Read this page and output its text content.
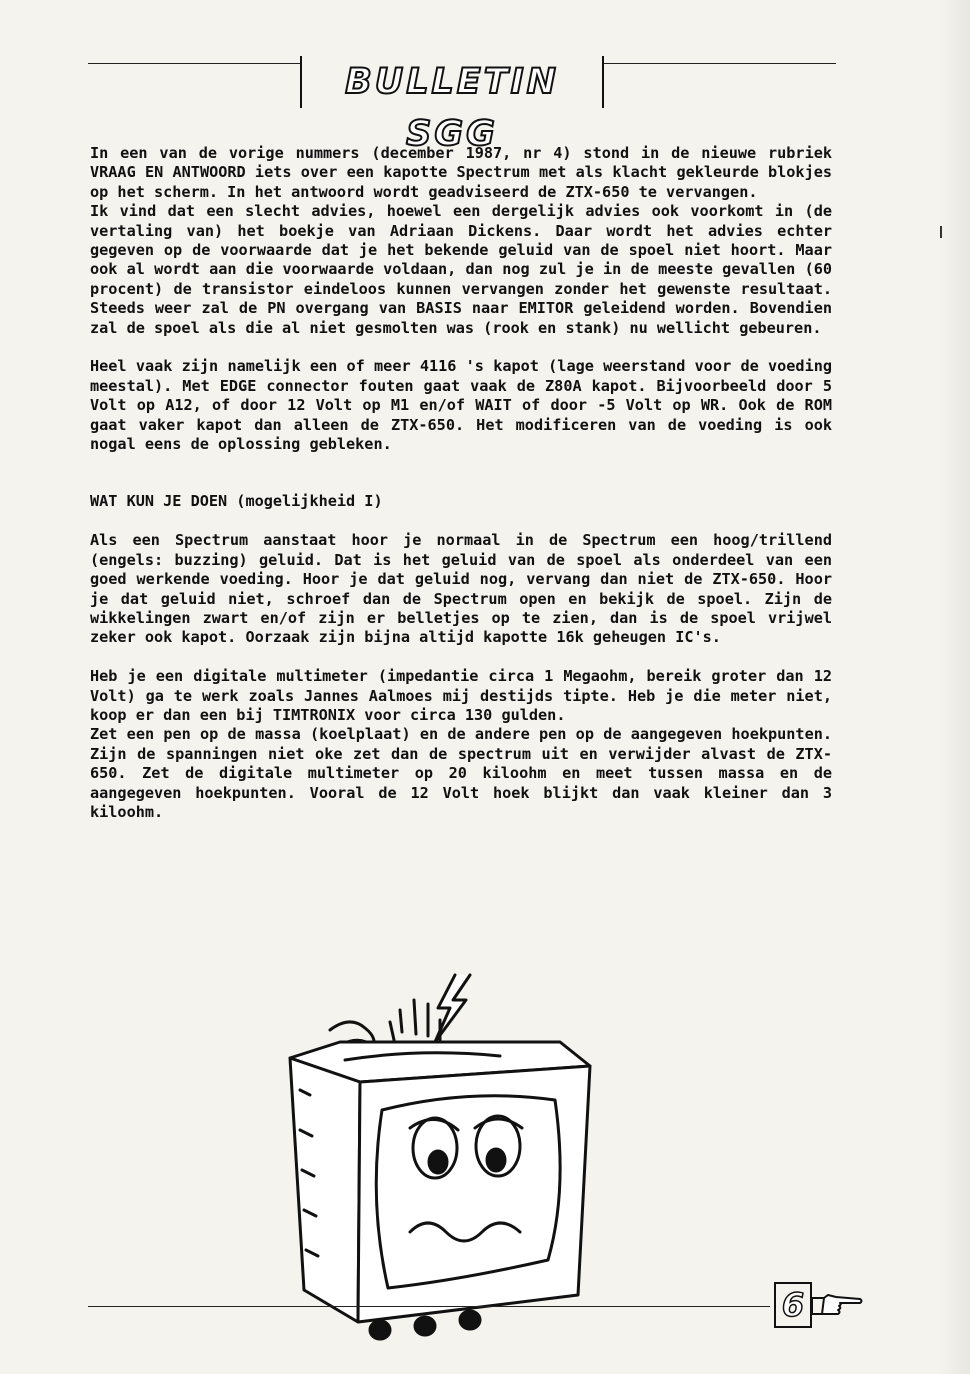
BULLETIN SGG

In een van de vorige nummers (december 1987, nr 4) stond in de nieuwe rubriek VRAAG EN ANTWOORD iets over een kapotte Spectrum met als klacht gekleurde blokjes op het scherm. In het antwoord wordt geadviseerd de ZTX-650 te vervangen.

Ik vind dat een slecht advies, hoewel een dergelijk advies ook voorkomt in (de vertaling van) het boekje van Adriaan Dickens. Daar wordt het advies echter gegeven op de voorwaarde dat je het bekende geluid van de spoel niet hoort. Maar ook al wordt aan die voorwaarde voldaan, dan nog zul je in de meeste gevallen (60 procent) de transistor eindeloos kunnen vervangen zonder het gewenste resultaat. Steeds weer zal de PN overgang van BASIS naar EMITOR geleidend worden. Bovendien zal de spoel als die al niet gesmolten was (rook en stank) nu wellicht gebeuren.

Heel vaak zijn namelijk een of meer 4116 's kapot (lage weerstand voor de voeding meestal). Met EDGE connector fouten gaat vaak de Z80A kapot. Bijvoorbeeld door 5 Volt op A12, of door 12 Volt op M1 en/of WAIT of door -5 Volt op WR. Ook de ROM gaat vaker kapot dan alleen de ZTX-650. Het modificeren van de voeding is ook nogal eens de oplossing gebleken.

WAT KUN JE DOEN (mogelijkheid I)

Als een Spectrum aanstaat hoor je normaal in de Spectrum een hoog/trillend (engels: buzzing) geluid. Dat is het geluid van de spoel als onderdeel van een goed werkende voeding. Hoor je dat geluid nog, vervang dan niet de ZTX-650. Hoor je dat geluid niet, schroef dan de Spectrum open en bekijk de spoel. Zijn de wikkelingen zwart en/of zijn er belletjes op te zien, dan is de spoel vrijwel zeker ook kapot. Oorzaak zijn bijna altijd kapotte 16k geheugen IC's.

Heb je een digitale multimeter (impedantie circa 1 Megaohm, bereik groter dan 12 Volt) ga te werk zoals Jannes Aalmoes mij destijds tipte. Heb je die meter niet, koop er dan een bij TIMTRONIX voor circa 130 gulden.

Zet een pen op de massa (koelplaat) en de andere pen op de aangegeven hoekpunten. Zijn de spanningen niet oke zet dan de spectrum uit en verwijder alvast de ZTX-650. Zet de digitale multimeter op 20 kiloohm en meet tussen massa en de aangegeven hoekpunten. Vooral de 12 Volt hoek blijkt dan vaak kleiner dan 3 kiloohm.

6
